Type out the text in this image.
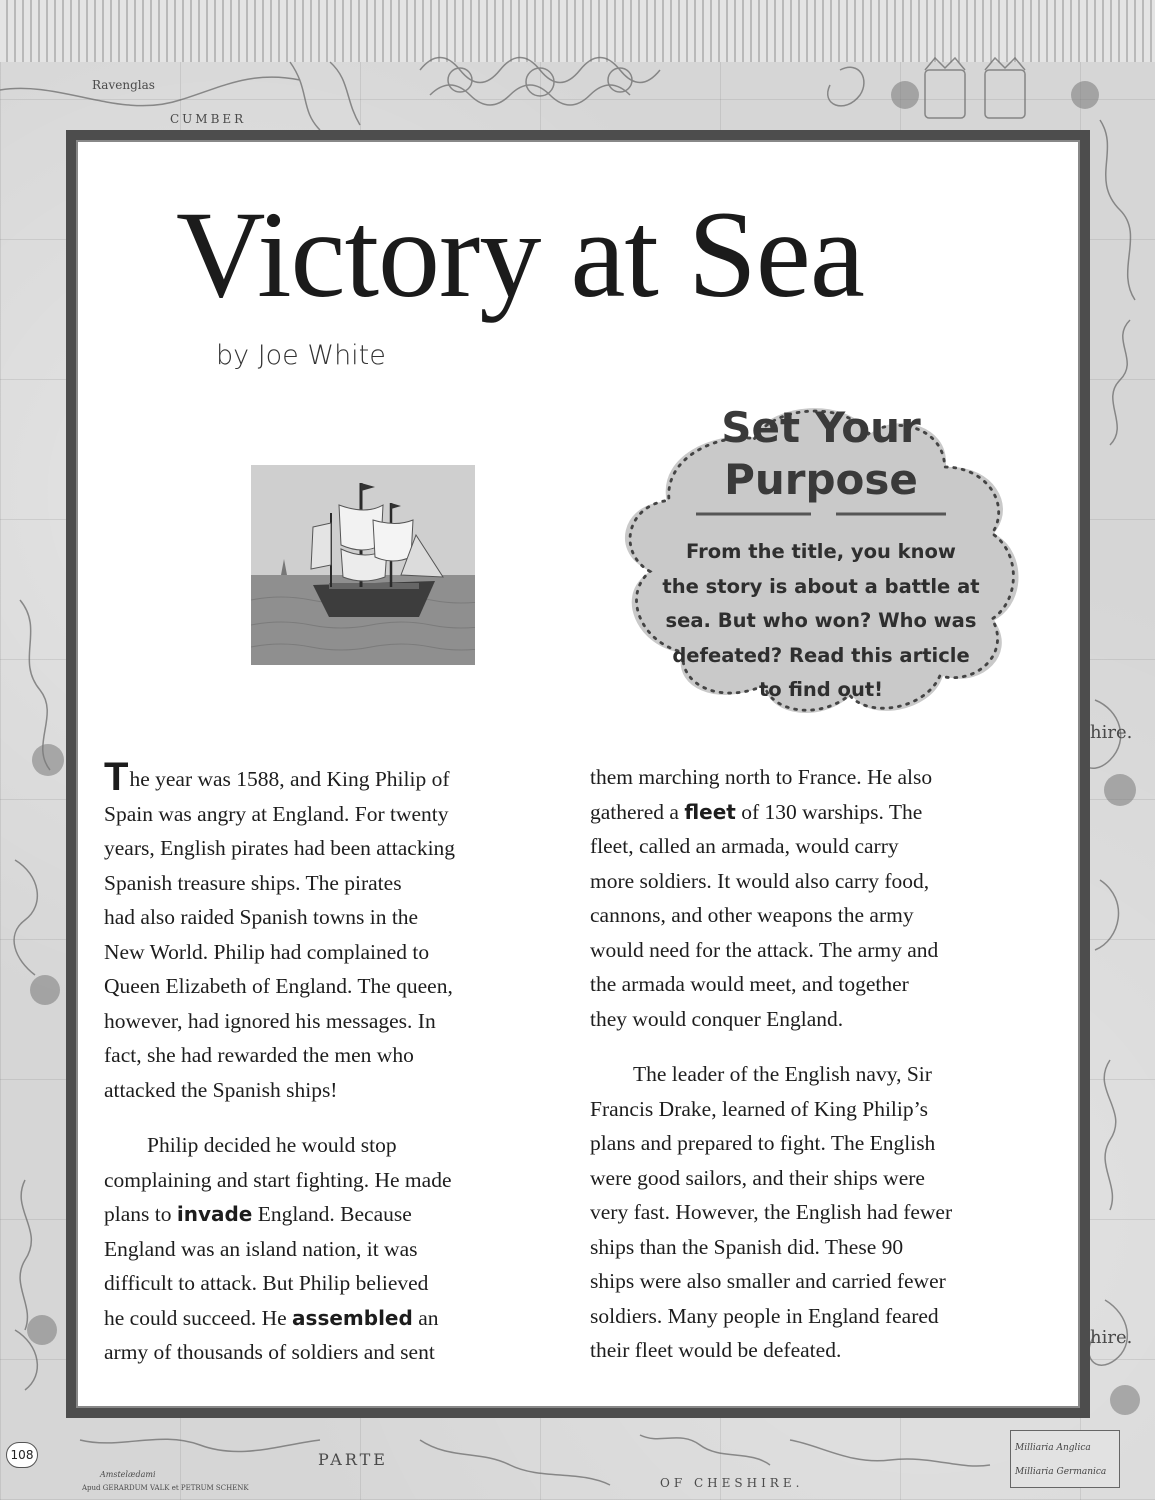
Ravenglas
CUMBER
hire.
hire.
PARTE
OF CHESHIRE.
Amstelædami
Apud GERARDUM VALK et PETRUM SCHENK
Milliaria Anglica
Milliaria Germanica
108
Victory at Sea
by Joe White
Set Your
Purpose
From the title, you know
the story is about a battle at
sea. But who won? Who was
defeated? Read this article
to find out!
The year was 1588, and King Philip of
Spain was angry at England. For twenty
years, English pirates had been attacking
Spanish treasure ships. The pirates
had also raided Spanish towns in the
New World. Philip had complained to
Queen Elizabeth of England. The queen,
however, had ignored his messages. In
fact, she had rewarded the men who
attacked the Spanish ships!
Philip decided he would stop
complaining and start fighting. He made
plans to invade England. Because
England was an island nation, it was
difficult to attack. But Philip believed
he could succeed. He assembled an
army of thousands of soldiers and sent
them marching north to France. He also
gathered a fleet of 130 warships. The
fleet, called an armada, would carry
more soldiers. It would also carry food,
cannons, and other weapons the army
would need for the attack. The army and
the armada would meet, and together
they would conquer England.
The leader of the English navy, Sir
Francis Drake, learned of King Philip’s
plans and prepared to fight. The English
were good sailors, and their ships were
very fast. However, the English had fewer
ships than the Spanish did. These 90
ships were also smaller and carried fewer
soldiers. Many people in England feared
their fleet would be defeated.
